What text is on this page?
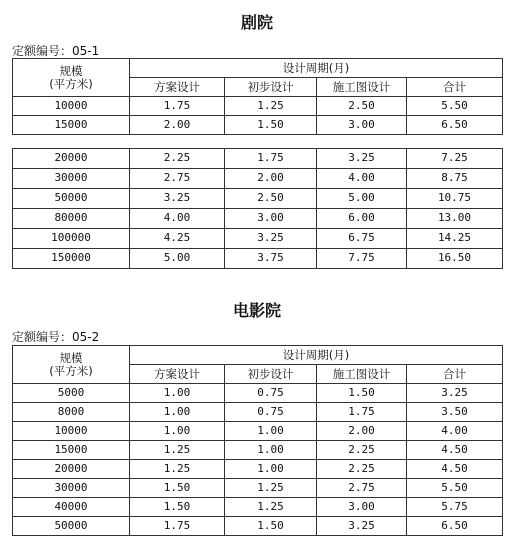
剧院
定额编号：05-1
规模
(平方米)	设计周期(月)			
	方案设计	初步设计	施工图设计	合计
10000	1.75	1.25	2.50	5.50
15000	2.00	1.50	3.00	6.50
20000	2.25	1.75	3.25	7.25
30000	2.75	2.00	4.00	8.75
50000	3.25	2.50	5.00	10.75
80000	4.00	3.00	6.00	13.00
100000	4.25	3.25	6.75	14.25
150000	5.00	3.75	7.75	16.50
电影院
定额编号：05-2
规模
(平方米)	设计周期(月)			
	方案设计	初步设计	施工图设计	合计
5000	1.00	0.75	1.50	3.25
8000	1.00	0.75	1.75	3.50
10000	1.00	1.00	2.00	4.00
15000	1.25	1.00	2.25	4.50
20000	1.25	1.00	2.25	4.50
30000	1.50	1.25	2.75	5.50
40000	1.50	1.25	3.00	5.75
50000	1.75	1.50	3.25	6.50
